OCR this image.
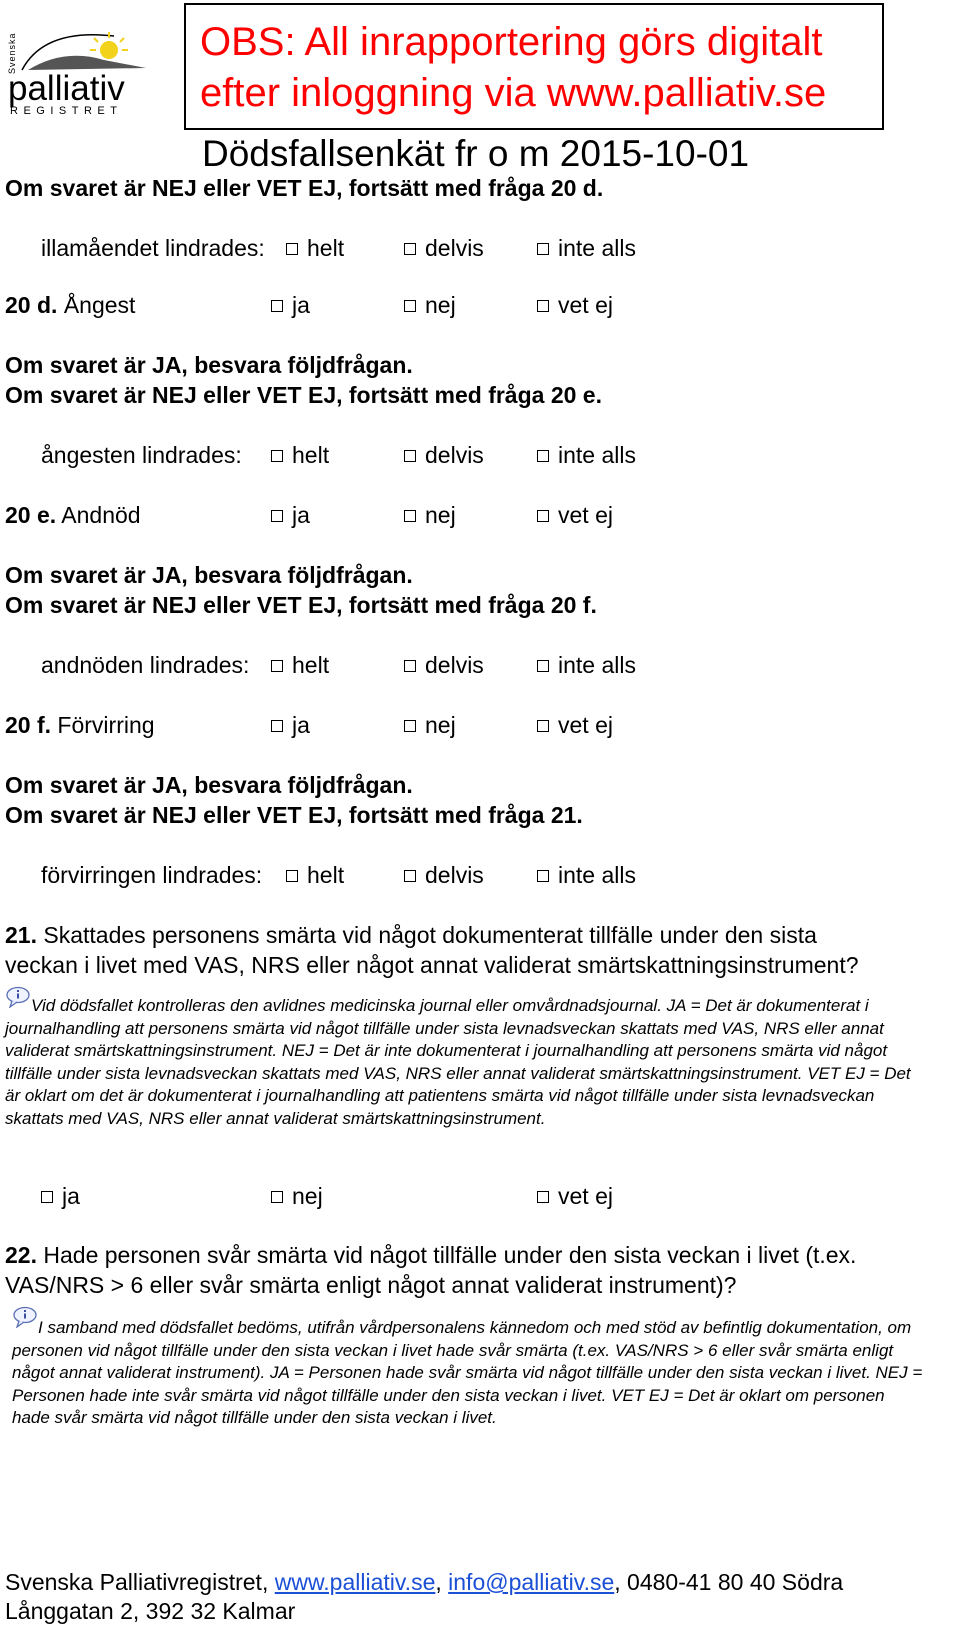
Svenska
palliativ
REGISTRET
OBS: All inrapportering görs digitalt
efter inloggning via www.palliativ.se
Dödsfallsenkät fr o m 2015-10-01
Om svaret är NEJ eller VET EJ, fortsätt med fråga 20 d.
illamåendet lindrades:	helt	delvis	inte alls
20 d. Ångest	ja	nej	vet ej
Om svaret är JA, besvara följdfrågan.
Om svaret är NEJ eller VET EJ, fortsätt med fråga 20 e.
ångesten lindrades:	helt	delvis	inte alls
20 e. Andnöd	ja	nej	vet ej
Om svaret är JA, besvara följdfrågan.
Om svaret är NEJ eller VET EJ, fortsätt med fråga 20 f.
andnöden lindrades:	helt	delvis	inte alls
20 f. Förvirring	ja	nej	vet ej
Om svaret är JA, besvara följdfrågan.
Om svaret är NEJ eller VET EJ, fortsätt med fråga 21.
förvirringen lindrades:	helt	delvis	inte alls
21. Skattades personens smärta vid något dokumenterat tillfälle under den sista
veckan i livet med VAS, NRS eller något annat validerat smärtskattningsinstrument?
Vid dödsfallet kontrolleras den avlidnes medicinska journal eller omvårdnadsjournal. JA = Det är dokumenterat i journalhandling att personens smärta vid något tillfälle under sista levnadsveckan skattats med VAS, NRS eller annat validerat smärtskattningsinstrument. NEJ = Det är inte dokumenterat i journalhandling att personens smärta vid något tillfälle under sista levnadsveckan skattats med VAS, NRS eller annat validerat smärtskattningsinstrument. VET EJ = Det är oklart om det är dokumenterat i journalhandling att patientens smärta vid något tillfälle under sista levnadsveckan skattats med VAS, NRS eller annat validerat smärtskattningsinstrument.
ja	nej	vet ej
22. Hade personen svår smärta vid något tillfälle under den sista veckan i livet (t.ex.
VAS/NRS > 6 eller svår smärta enligt något annat validerat instrument)?
I samband med dödsfallet bedöms, utifrån vårdpersonalens kännedom och med stöd av befintlig dokumentation, om personen vid något tillfälle under den sista veckan i livet hade svår smärta (t.ex. VAS/NRS > 6 eller svår smärta enligt något annat validerat instrument). JA = Personen hade svår smärta vid något tillfälle under den sista veckan i livet. NEJ = Personen hade inte svår smärta vid något tillfälle under den sista veckan i livet. VET EJ = Det är oklart om personen hade svår smärta vid något tillfälle under den sista veckan i livet.
Svenska Palliativregistret, www.palliativ.se, info@palliativ.se, 0480-41 80 40 Södra Långgatan 2, 392 32 Kalmar
